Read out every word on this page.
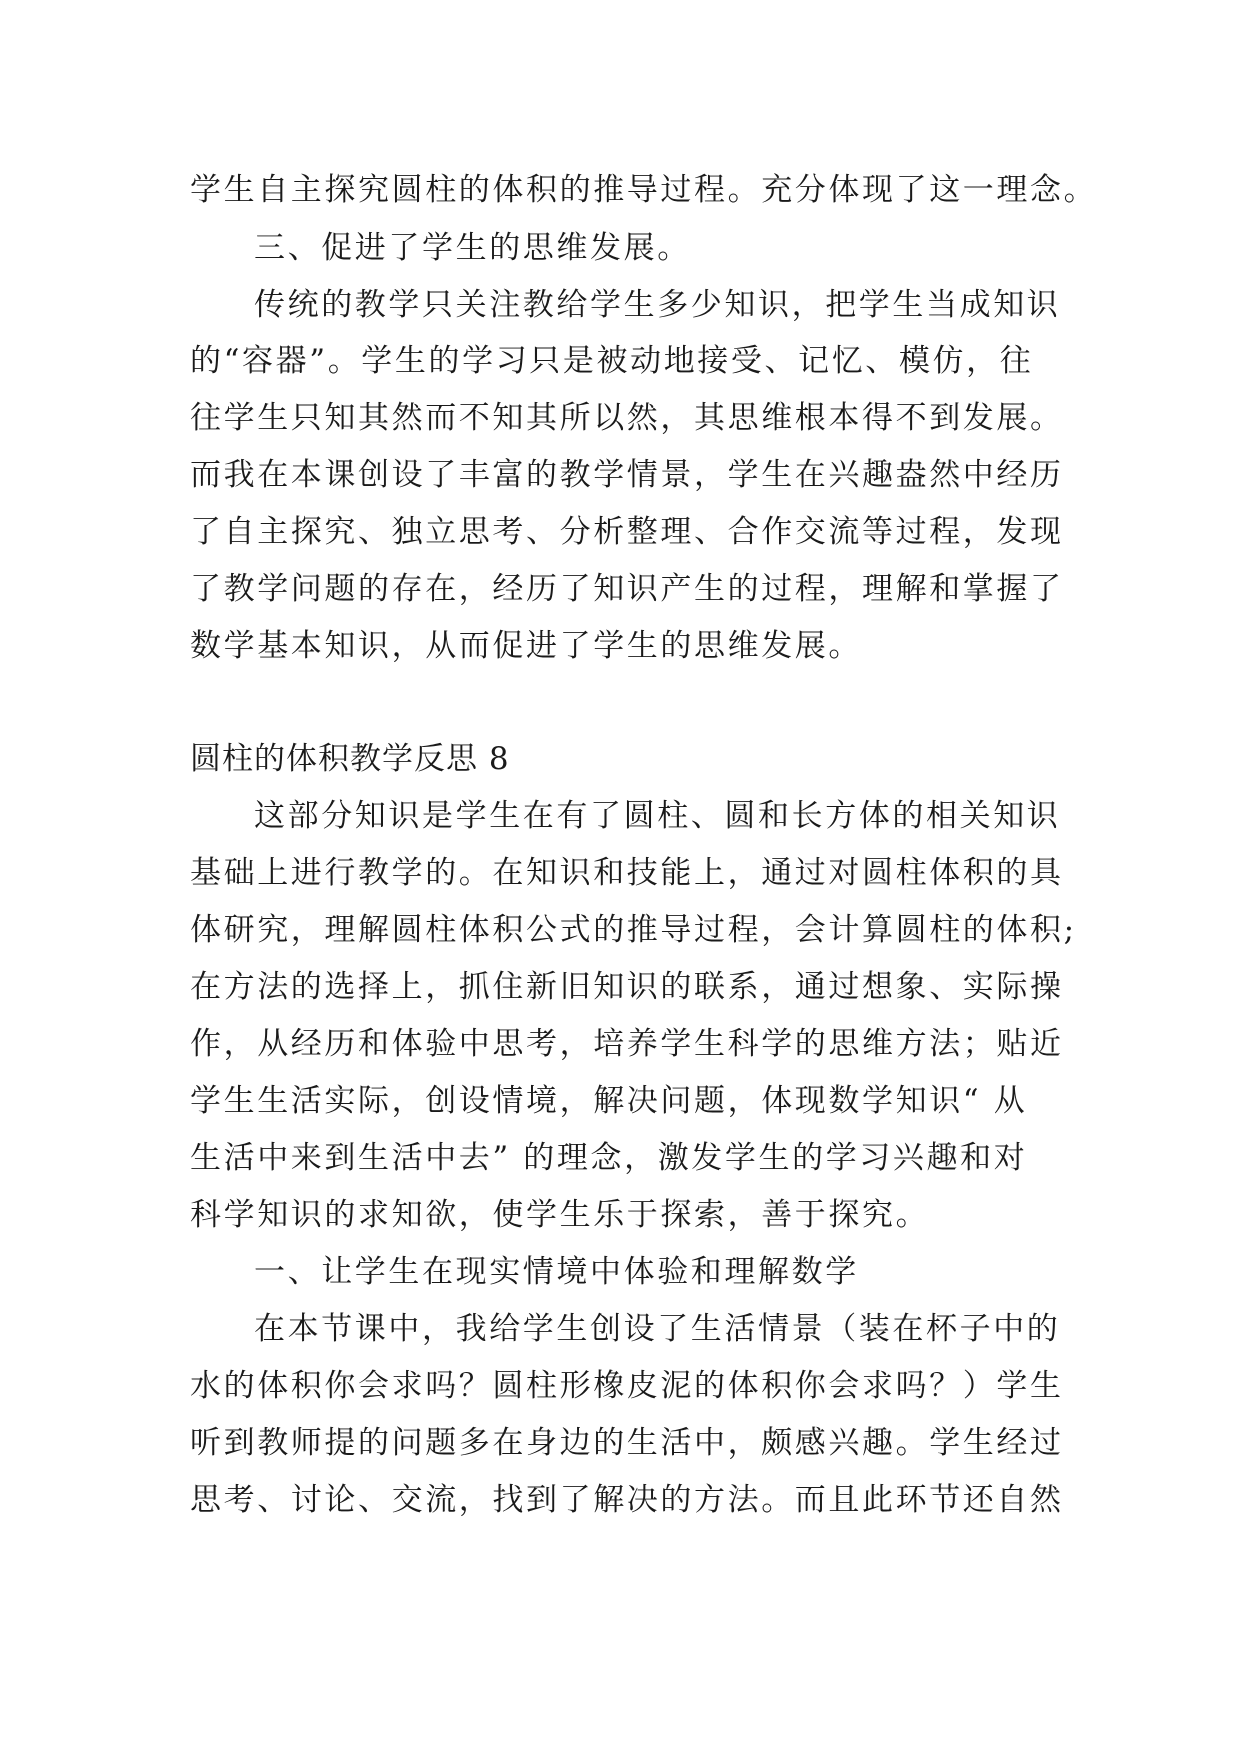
学生自主探究圆柱的体积的推导过程。充分体现了这一理念。
三、促进了学生的思维发展。
传统的教学只关注教给学生多少知识，把学生当成知识
的“容器”。学生的学习只是被动地接受、记忆、模仿，往
往学生只知其然而不知其所以然，其思维根本得不到发展。
而我在本课创设了丰富的教学情景，学生在兴趣盎然中经历
了自主探究、独立思考、分析整理、合作交流等过程，发现
了教学问题的存在，经历了知识产生的过程，理解和掌握了
数学基本知识，从而促进了学生的思维发展。
圆柱的体积教学反思 8
这部分知识是学生在有了圆柱、圆和长方体的相关知识
基础上进行教学的。在知识和技能上，通过对圆柱体积的具
体研究，理解圆柱体积公式的推导过程，会计算圆柱的体积;
在方法的选择上，抓住新旧知识的联系，通过想象、实际操
作，从经历和体验中思考，培养学生科学的思维方法；贴近
学生生活实际，创设情境，解决问题，体现数学知识“ 从
生活中来到生活中去” 的理念，激发学生的学习兴趣和对
科学知识的求知欲，使学生乐于探索，善于探究。
一、让学生在现实情境中体验和理解数学
在本节课中，我给学生创设了生活情景（装在杯子中的
水的体积你会求吗？圆柱形橡皮泥的体积你会求吗？）学生
听到教师提的问题多在身边的生活中，颇感兴趣。学生经过
思考、讨论、交流，找到了解决的方法。而且此环节还自然
